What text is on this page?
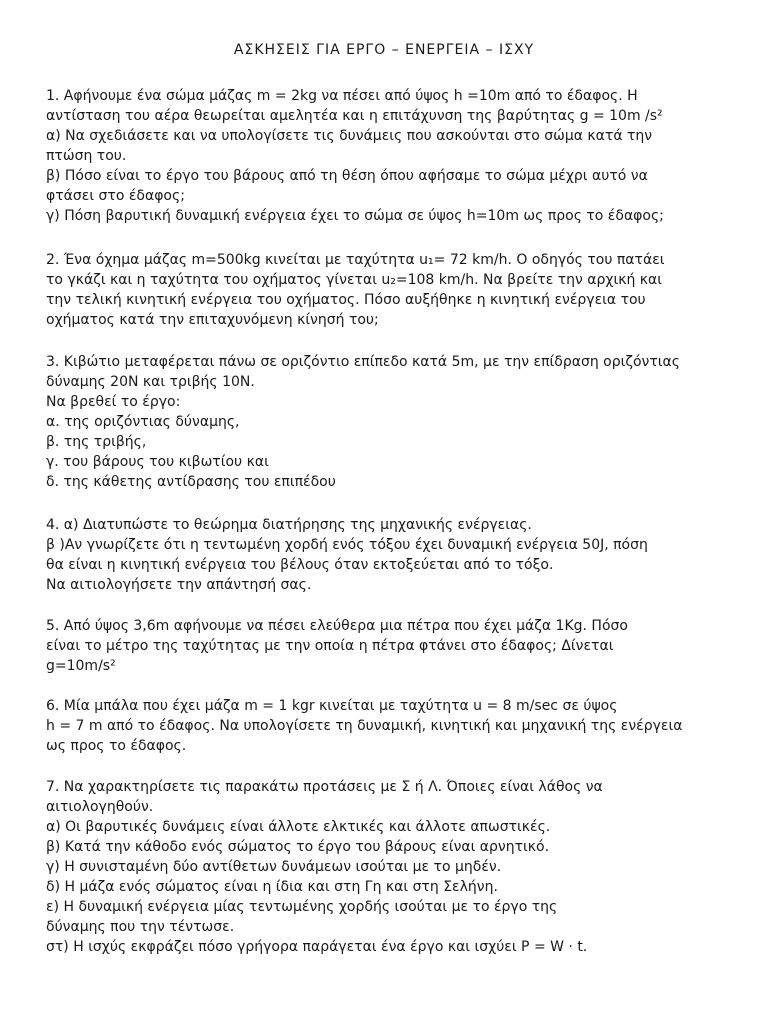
ΑΣΚΗΣΕΙΣ ΓΙΑ ΕΡΓΟ – ΕΝΕΡΓΕΙΑ – ΙΣΧΥ
1. Αφήνουμε ένα σώμα μάζας m = 2kg να πέσει από ύψος h =10m από το έδαφος. Η
αντίσταση του αέρα θεωρείται αμελητέα και η επιτάχυνση της βαρύτητας g = 10m /s²
α) Να σχεδιάσετε και να υπολογίσετε τις δυνάμεις που ασκούνται στο σώμα κατά την
πτώση του.
β) Πόσο είναι το έργο του βάρους από τη θέση όπου αφήσαμε το σώμα μέχρι αυτό να
φτάσει στο έδαφος;
γ) Πόση βαρυτική δυναμική ενέργεια έχει το σώμα σε ύψος h=10m ως προς το έδαφος;
2. Ένα όχημα μάζας m=500kg κινείται με ταχύτητα u₁= 72 km/h. Ο οδηγός του πατάει
το γκάζι και η ταχύτητα του οχήματος γίνεται u₂=108 km/h. Να βρείτε την αρχική και
την τελική κινητική ενέργεια του οχήματος. Πόσο αυξήθηκε η κινητική ενέργεια του
οχήματος κατά την επιταχυνόμενη κίνησή του;
3. Κιβώτιο μεταφέρεται πάνω σε οριζόντιο επίπεδο κατά 5m, με την επίδραση οριζόντιας
δύναμης 20Ν και τριβής 10Ν.
Να βρεθεί το έργο:
α. της οριζόντιας δύναμης,
β. της τριβής,
γ. του βάρους του κιβωτίου και
δ. της κάθετης αντίδρασης του επιπέδου
4. α) Διατυπώστε το θεώρημα διατήρησης της μηχανικής ενέργειας.
β )Αν γνωρίζετε ότι η τεντωμένη χορδή ενός τόξου έχει δυναμική ενέργεια 50J, πόση
θα είναι η κινητική ενέργεια του βέλους όταν εκτοξεύεται από το τόξο.
Να αιτιολογήσετε την απάντησή σας.
5. Από ύψος 3,6m αφήνουμε να πέσει ελεύθερα μια πέτρα που έχει μάζα 1Kg. Πόσο
είναι το μέτρο της ταχύτητας με την οποία η πέτρα φτάνει στο έδαφος; Δίνεται
g=10m/s²
6. Μία μπάλα που έχει μάζα m = 1 kgr κινείται με ταχύτητα u = 8 m/sec σε ύψος
h = 7 m από το έδαφος. Να υπολογίσετε τη δυναμική, κινητική και μηχανική της ενέργεια
ως προς το έδαφος.
7. Να χαρακτηρίσετε τις παρακάτω προτάσεις με Σ ή Λ. Όποιες είναι λάθος να
αιτιολογηθούν.
α) Οι βαρυτικές δυνάμεις είναι άλλοτε ελκτικές και άλλοτε απωστικές.
β) Κατά την κάθοδο ενός σώματος το έργο του βάρους είναι αρνητικό.
γ) Η συνισταμένη δύο αντίθετων δυνάμεων ισούται με το μηδέν.
δ) Η μάζα ενός σώματος είναι η ίδια και στη Γη και στη Σελήνη.
ε) Η δυναμική ενέργεια μίας τεντωμένης χορδής ισούται με το έργο της
δύναμης που την τέντωσε.
στ) Η ισχύς εκφράζει πόσο γρήγορα παράγεται ένα έργο και ισχύει P = W · t.
